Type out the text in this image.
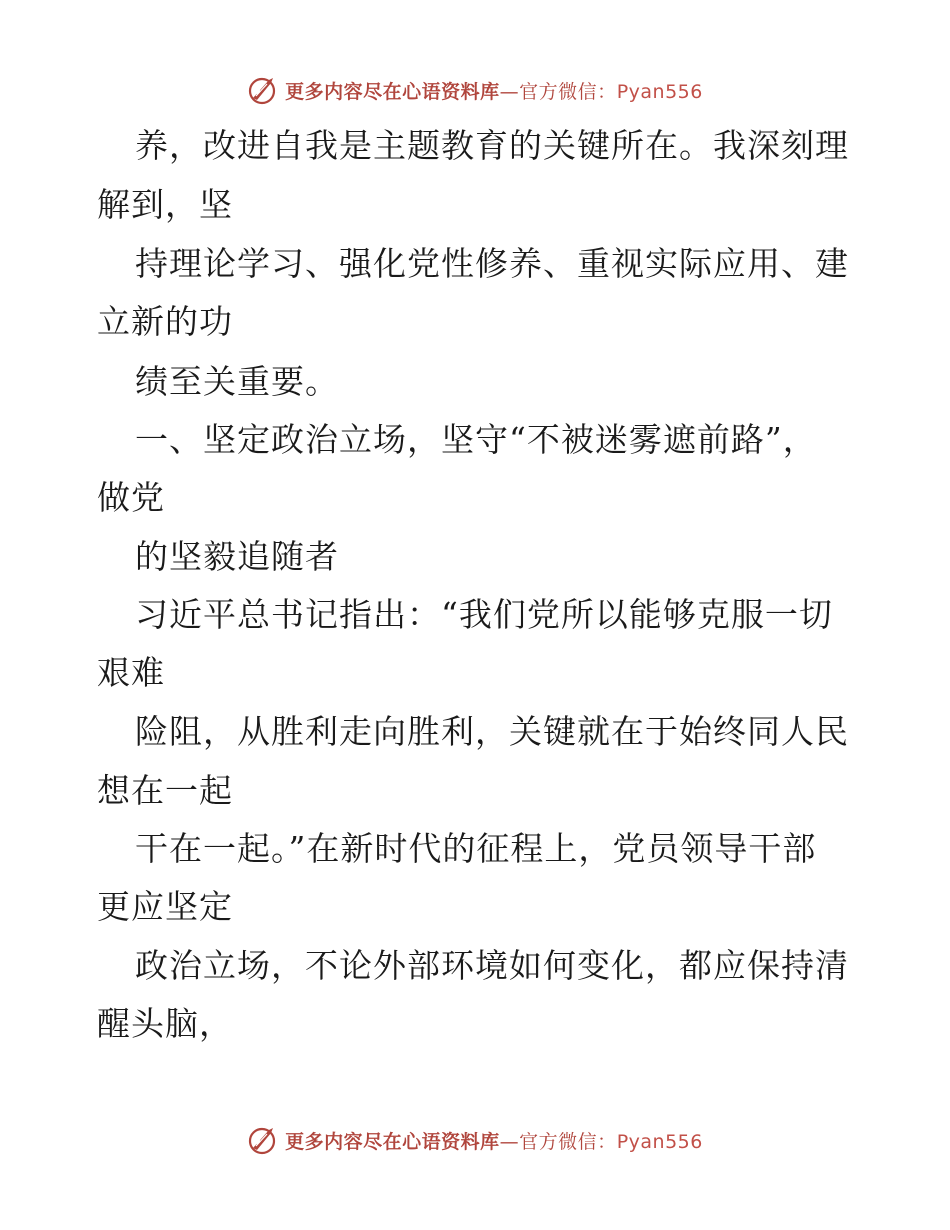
更多内容尽在心语资料库—官方微信：Pyan556
养，改进自我是主题教育的关键所在。我深刻理
解到，坚
持理论学习、强化党性修养、重视实际应用、建
立新的功
绩至关重要。
一、坚定政治立场，坚守“不被迷雾遮前路”，
做党
的坚毅追随者
习近平总书记指出：“我们党所以能够克服一切
艰难
险阻，从胜利走向胜利，关键就在于始终同人民
想在一起
干在一起。”在新时代的征程上，党员领导干部
更应坚定
政治立场，不论外部环境如何变化，都应保持清
醒头脑，
更多内容尽在心语资料库—官方微信：Pyan556
